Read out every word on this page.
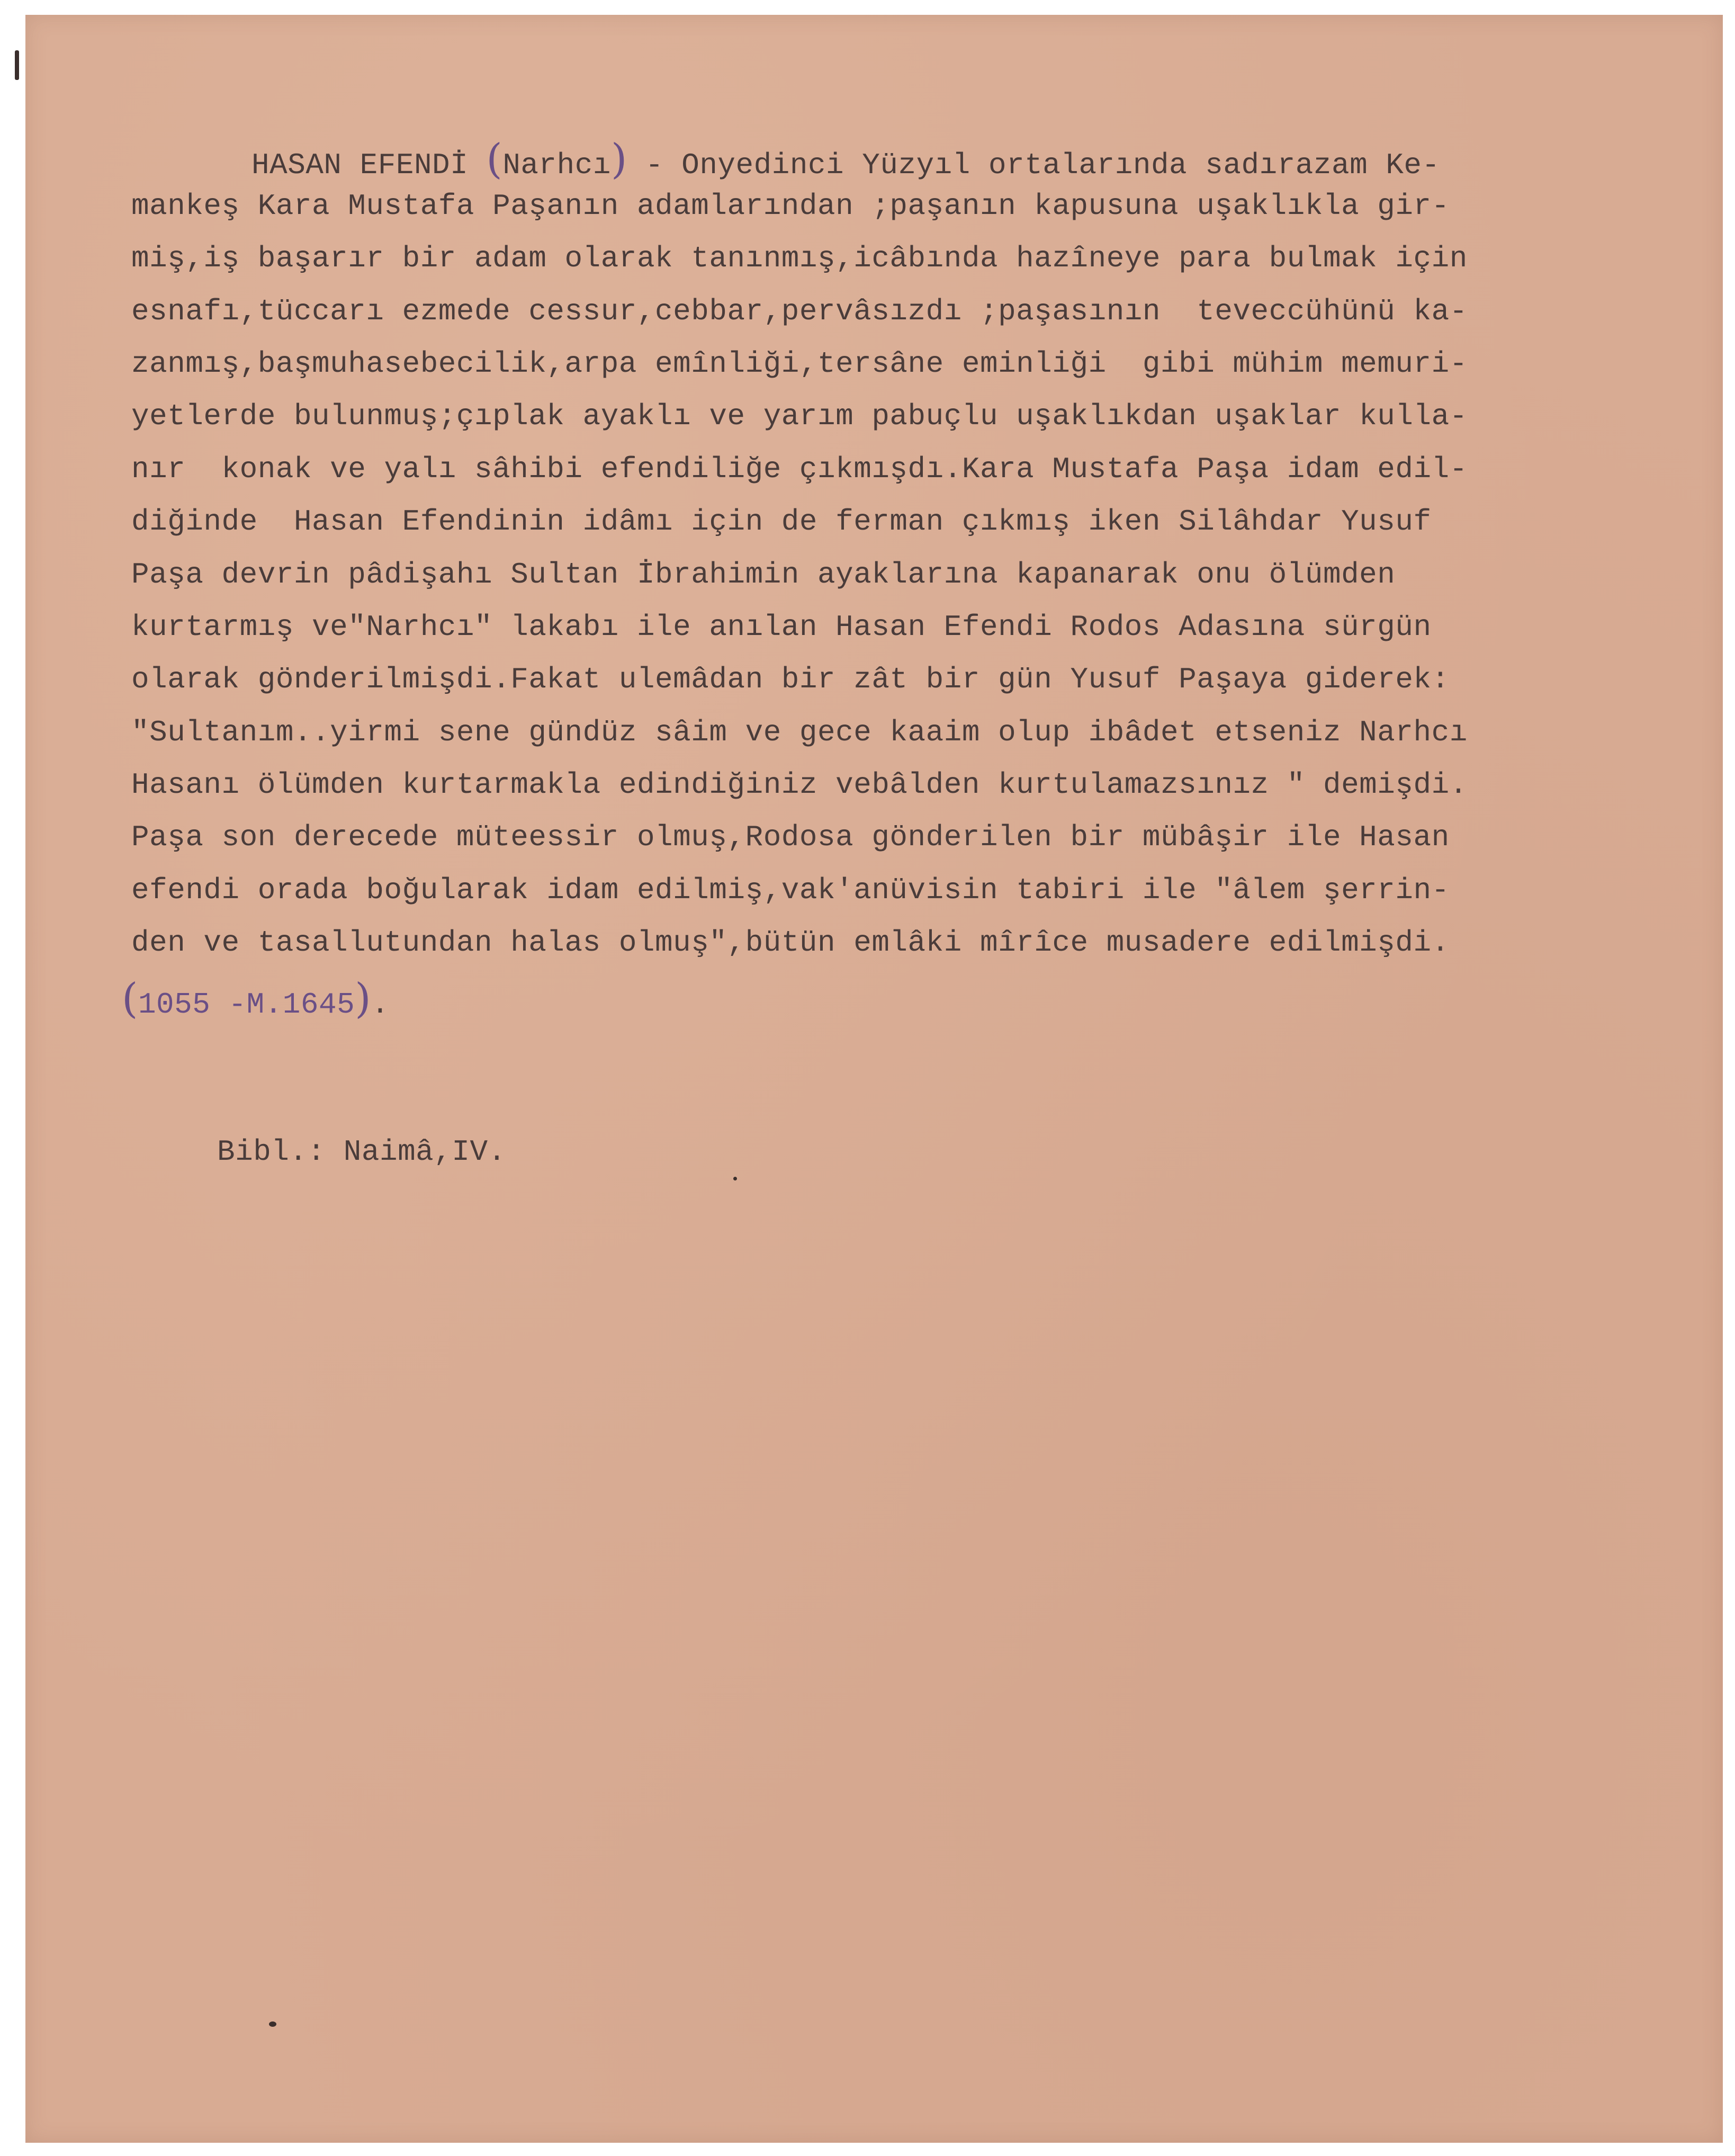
HASAN EFENDİ (Narhcı) - Onyedinci Yüzyıl ortalarında sadırazam Ke-
mankeş Kara Mustafa Paşanın adamlarından ;paşanın kapusuna uşaklıkla gir-
miş,iş başarır bir adam olarak tanınmış,icâbında hazîneye para bulmak için
esnafı,tüccarı ezmede cessur,cebbar,pervâsızdı ;paşasının  teveccühünü ka-
zanmış,başmuhasebecilik,arpa emînliği,tersâne eminliği  gibi mühim memuri-
yetlerde bulunmuş;çıplak ayaklı ve yarım pabuçlu uşaklıkdan uşaklar kulla-
nır  konak ve yalı sâhibi efendiliğe çıkmışdı.Kara Mustafa Paşa idam edil-
diğinde  Hasan Efendinin idâmı için de ferman çıkmış iken Silâhdar Yusuf
Paşa devrin pâdişahı Sultan İbrahimin ayaklarına kapanarak onu ölümden
kurtarmış ve"Narhcı" lakabı ile anılan Hasan Efendi Rodos Adasına sürgün
olarak gönderilmişdi.Fakat ulemâdan bir zât bir gün Yusuf Paşaya giderek:
"Sultanım..yirmi sene gündüz sâim ve gece kaaim olup ibâdet etseniz Narhcı
Hasanı ölümden kurtarmakla edindiğiniz vebâlden kurtulamazsınız " demişdi.
Paşa son derecede müteessir olmuş,Rodosa gönderilen bir mübâşir ile Hasan
efendi orada boğularak idam edilmiş,vak'anüvisin tabiri ile "âlem şerrin-
den ve tasallutundan halas olmuş",bütün emlâki mîrîce musadere edilmişdi.
(1055 -M.1645).
Bibl.: Naimâ,IV.
